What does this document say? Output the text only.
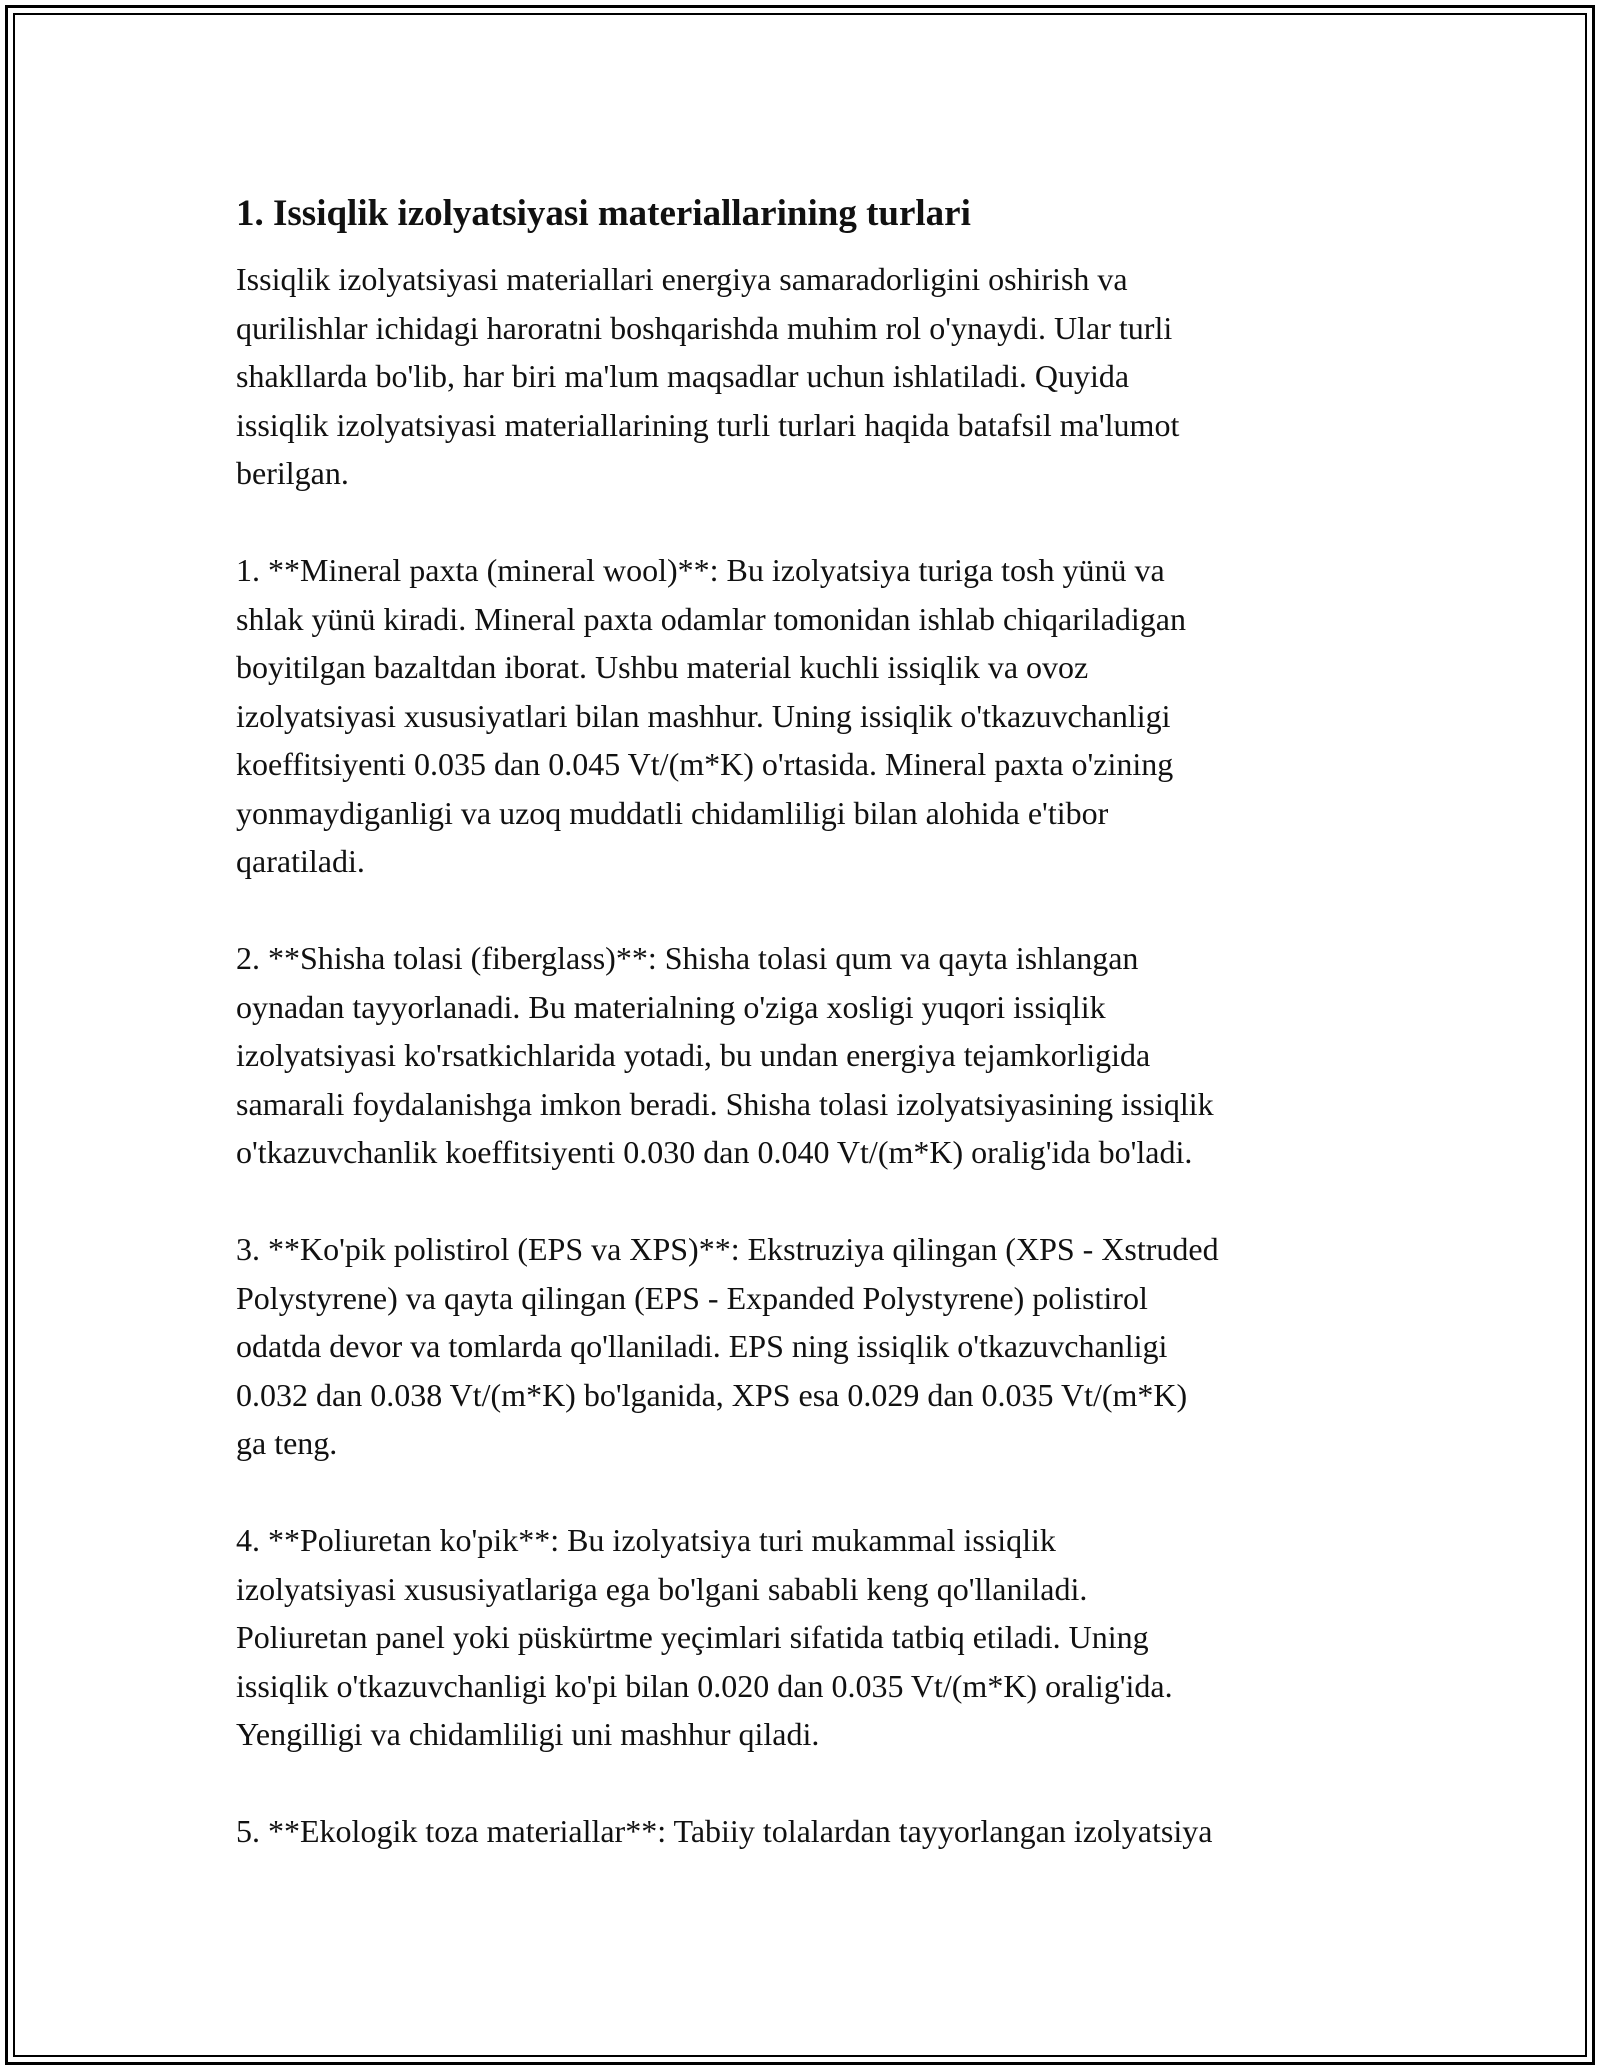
1. Issiqlik izolyatsiyasi materiallarining turlari

Issiqlik izolyatsiyasi materiallari energiya samaradorligini oshirish va
qurilishlar ichidagi haroratni boshqarishda muhim rol o'ynaydi. Ular turli
shakllarda bo'lib, har biri ma'lum maqsadlar uchun ishlatiladi. Quyida
issiqlik izolyatsiyasi materiallarining turli turlari haqida batafsil ma'lumot
berilgan.

1. **Mineral paxta (mineral wool)**: Bu izolyatsiya turiga tosh yünü va
shlak yünü kiradi. Mineral paxta odamlar tomonidan ishlab chiqariladigan
boyitilgan bazaltdan iborat. Ushbu material kuchli issiqlik va ovoz
izolyatsiyasi xususiyatlari bilan mashhur. Uning issiqlik o'tkazuvchanligi
koeffitsiyenti 0.035 dan 0.045 Vt/(m*K) o'rtasida. Mineral paxta o'zining
yonmaydiganligi va uzoq muddatli chidamliligi bilan alohida e'tibor
qaratiladi.

2. **Shisha tolasi (fiberglass)**: Shisha tolasi qum va qayta ishlangan
oynadan tayyorlanadi. Bu materialning o'ziga xosligi yuqori issiqlik
izolyatsiyasi ko'rsatkichlarida yotadi, bu undan energiya tejamkorligida
samarali foydalanishga imkon beradi. Shisha tolasi izolyatsiyasining issiqlik
o'tkazuvchanlik koeffitsiyenti 0.030 dan 0.040 Vt/(m*K) oralig'ida bo'ladi.

3. **Ko'pik polistirol (EPS va XPS)**: Ekstruziya qilingan (XPS - Xstruded
Polystyrene) va qayta qilingan (EPS - Expanded Polystyrene) polistirol
odatda devor va tomlarda qo'llaniladi. EPS ning issiqlik o'tkazuvchanligi
0.032 dan 0.038 Vt/(m*K) bo'lganida, XPS esa 0.029 dan 0.035 Vt/(m*K)
ga teng.

4. **Poliuretan ko'pik**: Bu izolyatsiya turi mukammal issiqlik
izolyatsiyasi xususiyatlariga ega bo'lgani sababli keng qo'llaniladi.
Poliuretan panel yoki püskürtme yeçimlari sifatida tatbiq etiladi. Uning
issiqlik o'tkazuvchanligi ko'pi bilan 0.020 dan 0.035 Vt/(m*K) oralig'ida.
Yengilligi va chidamliligi uni mashhur qiladi.

5. **Ekologik toza materiallar**: Tabiiy tolalardan tayyorlangan izolyatsiya
